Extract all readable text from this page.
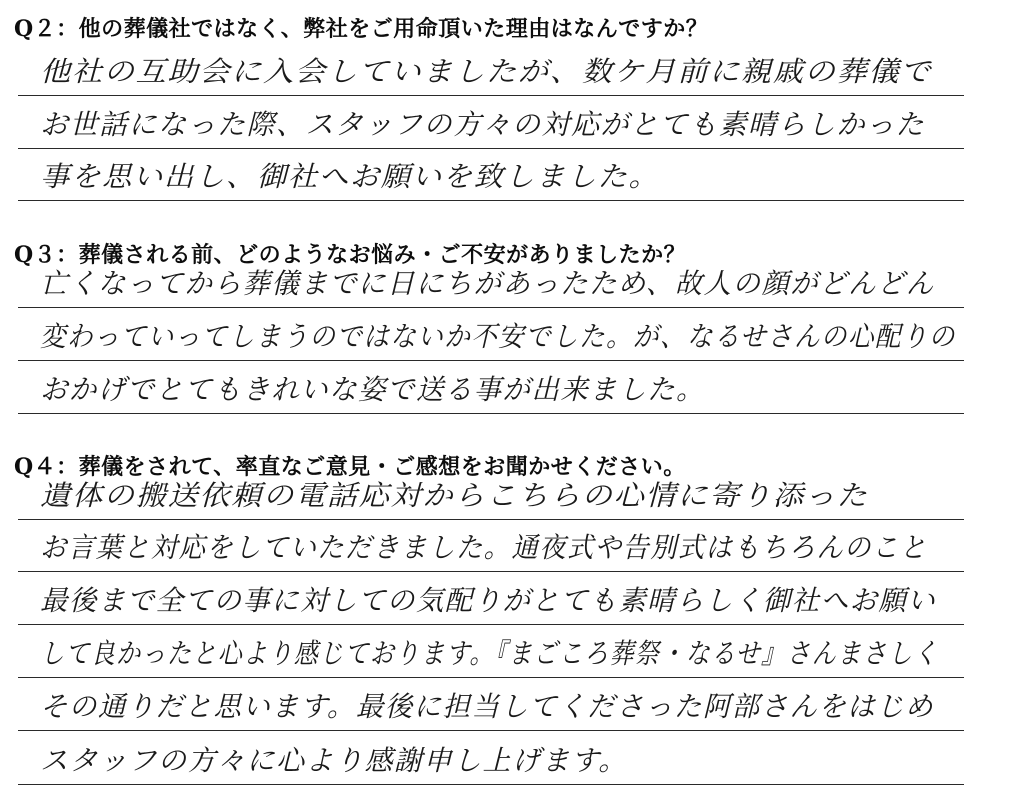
Q２：他の葬儀社ではなく、弊社をご用命頂いた理由はなんですか？
他社の互助会に入会していましたが、数ケ月前に親戚の葬儀で
お世話になった際、スタッフの方々の対応がとても素晴らしかった
事を思い出し、御社へお願いを致しました。
Q３：葬儀される前、どのようなお悩み・ご不安がありましたか？
亡くなってから葬儀までに日にちがあったため、故人の顔がどんどん
変わっていってしまうのではないか不安でした。が、なるせさんの心配りの
おかげでとてもきれいな姿で送る事が出来ました。
Q４：葬儀をされて、率直なご意見・ご感想をお聞かせください。
遺体の搬送依頼の電話応対からこちらの心情に寄り添った
お言葉と対応をしていただきました。通夜式や告別式はもちろんのこと
最後まで全ての事に対しての気配りがとても素晴らしく御社へお願い
して良かったと心より感じております。『まごころ葬祭・なるせ』さんまさしく
その通りだと思います。最後に担当してくださった阿部さんをはじめ
スタッフの方々に心より感謝申し上げます。
